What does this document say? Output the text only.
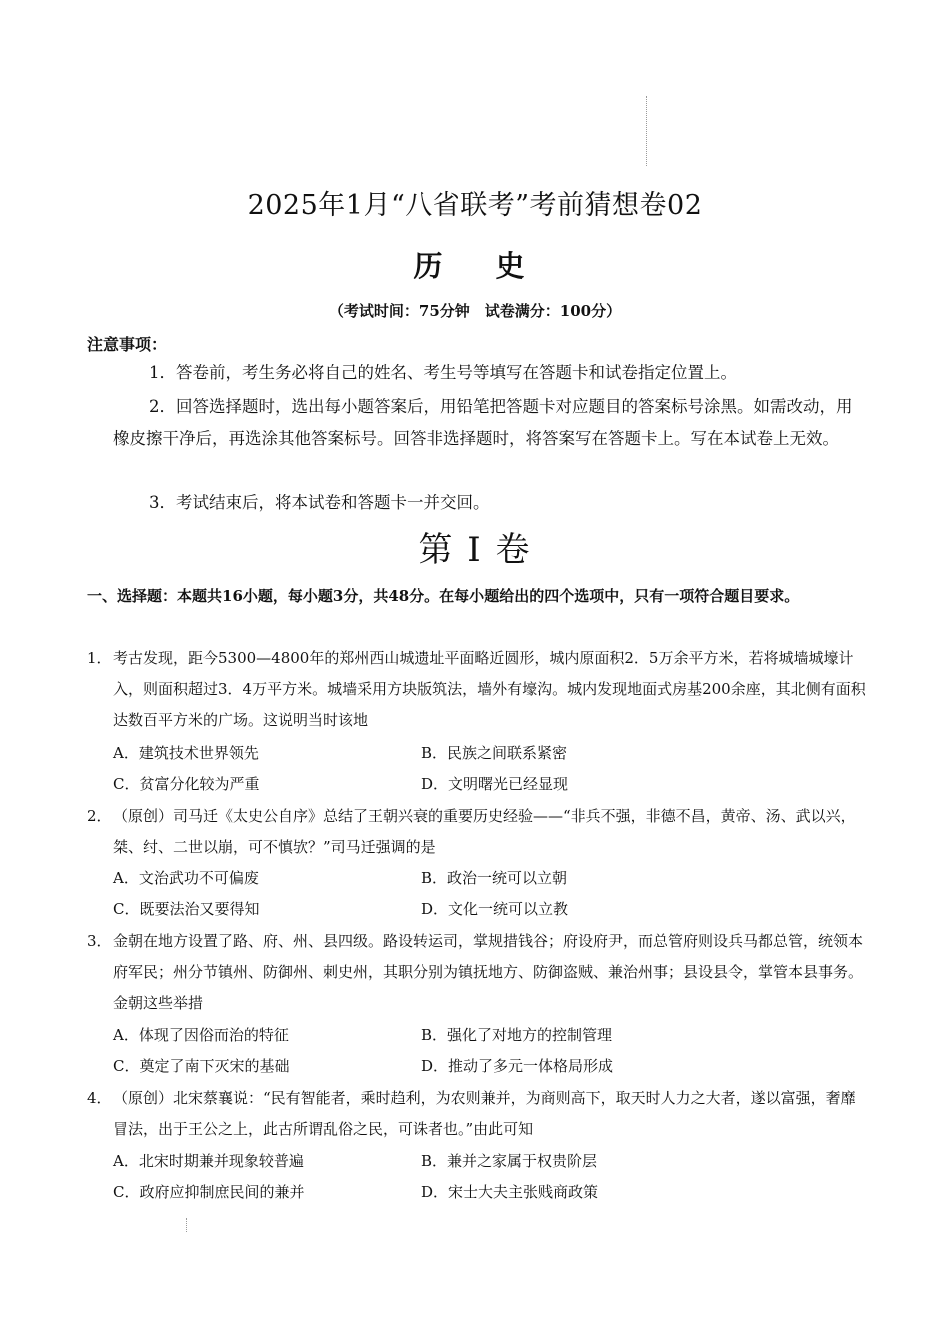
2025年1月“八省联考”考前猜想卷02
历　史
（考试时间：75分钟　试卷满分：100分）
注意事项：
1．答卷前，考生务必将自己的姓名、考生号等填写在答题卡和试卷指定位置上。
2．回答选择题时，选出每小题答案后，用铅笔把答题卡对应题目的答案标号涂黑。如需改动，用橡皮擦干净后，再选涂其他答案标号。回答非选择题时，将答案写在答题卡上。写在本试卷上无效。
3．考试结束后，将本试卷和答题卡一并交回。
第 I 卷
一、选择题：本题共16小题，每小题3分，共48分。在每小题给出的四个选项中，只有一项符合题目要求。
1． 考古发现，距今5300—4800年的郑州西山城遗址平面略近圆形，城内原面积2．5万余平方米，若将城墙城壕计入，则面积超过3．4万平方米。城墙采用方块版筑法，墙外有壕沟。城内发现地面式房基200余座，其北侧有面积达数百平方米的广场。这说明当时该地
A．建筑技术世界领先	B．民族之间联系紧密
C．贫富分化较为严重	D．文明曙光已经显现
2． （原创）司马迁《太史公自序》总结了王朝兴衰的重要历史经验——“非兵不强，非德不昌，黄帝、汤、武以兴，桀、纣、二世以崩，可不慎欤？”司马迁强调的是
A．文治武功不可偏废	B．政治一统可以立朝
C．既要法治又要得知	D．文化一统可以立教
3． 金朝在地方设置了路、府、州、县四级。路设转运司，掌规措钱谷；府设府尹，而总管府则设兵马都总管，统领本府军民；州分节镇州、防御州、刺史州，其职分别为镇抚地方、防御盗贼、兼治州事；县设县令，掌管本县事务。金朝这些举措
A．体现了因俗而治的特征	B．强化了对地方的控制管理
C．奠定了南下灭宋的基础	D．推动了多元一体格局形成
4． （原创）北宋蔡襄说：“民有智能者，乘时趋利，为农则兼并，为商则高下，取天时人力之大者，遂以富强，奢靡冒法，出于王公之上，此古所谓乱俗之民，可诛者也。”由此可知
A．北宋时期兼并现象较普遍	B．兼并之家属于权贵阶层
C．政府应抑制庶民间的兼并	D．宋士大夫主张贱商政策
